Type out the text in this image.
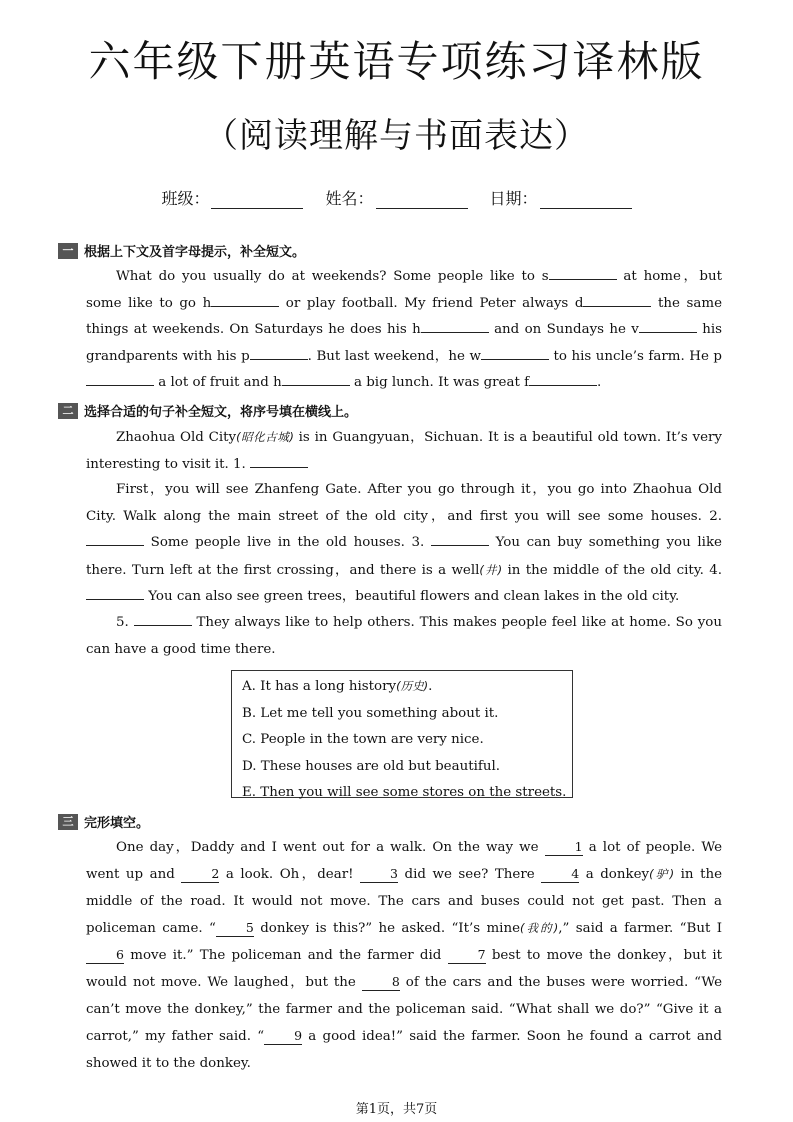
六年级下册英语专项练习译林版
（阅读理解与书面表达）
班级：	姓名：	日期：
一 根据上下文及首字母提示，补全短文。
What do you usually do at weekends? Some people like to s	at home，but some like to go h	or play football. My friend Peter always d	the same things at weekends. On Saturdays he does his h	and on Sundays he v	his grandparents with his p	. But last weekend，he w	to his uncle’s farm. He p a lot of fruit and h	a big lunch. It was great f	.
二 选择合适的句子补全短文，将序号填在横线上。
Zhaohua Old City(昭化古城) is in Guangyuan，Sichuan. It is a beautiful old town. It’s very interesting to visit it. 1.
First，you will see Zhanfeng Gate. After you go through it，you go into Zhaohua Old City. Walk along the main street of the old city，and first you will see some houses. 2.  Some people live in the old houses. 3.	You can buy something you like there. Turn left at the first crossing，and there is a well(井) in the middle of the old city. 4.  You can also see green trees，beautiful flowers and clean lakes in the old city.
5.	They always like to help others. This makes people feel like at home. So you can have a good time there.
A. It has a long history(历史).
B. Let me tell you something about it.
C. People in the town are very nice.
D. These houses are old but beautiful.
E. Then you will see some stores on the streets.
三 完形填空。
One day，Daddy and I went out for a walk. On the way we 1 a lot of people. We went up and 2 a look. Oh，dear! 3 did we see? There 4 a donkey(驴) in the middle of the road. It would not move. The cars and buses could not get past. Then a policeman came. “ 5 donkey is this?” he asked. “It’s mine(我的),” said a farmer. “But I 6 move it.” The policeman and the farmer did 7 best to move the donkey，but it would not move. We laughed，but the 8 of the cars and the buses were worried. “We can’t move the donkey,” the farmer and the policeman said. “What shall we do?” “Give it a carrot,” my father said. “ 9 a good idea!” said the farmer. Soon he found a carrot and showed it to the donkey.
第1页，共7页
